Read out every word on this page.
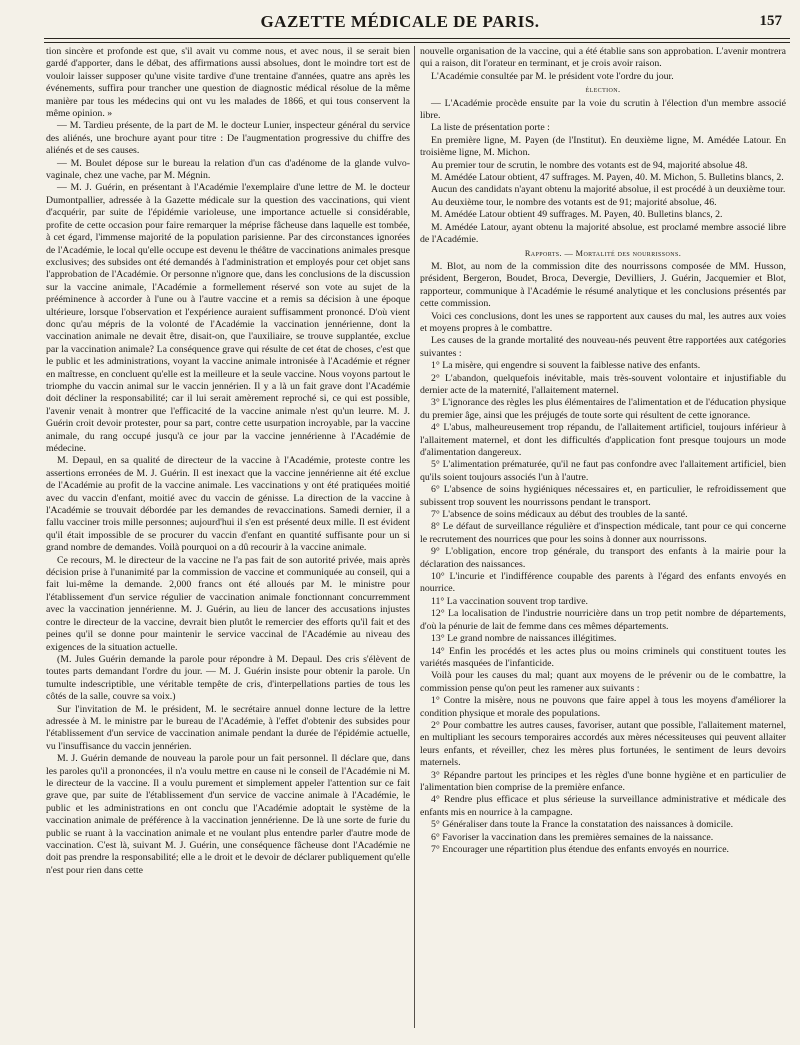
GAZETTE MÉDICALE DE PARIS.	157

tion sincère et profonde est que, s'il avait vu comme nous, et avec nous, il se serait bien gardé d'apporter, dans le débat, des affirmations aussi absolues, dont le moindre tort est de vouloir laisser supposer qu'une visite tardive d'une trentaine d'années, quatre ans après les événements, suffira pour trancher une question de diagnostic médical résolue de la même manière par tous les médecins qui ont vu les malades de 1866, et qui tous conservent la même opinion. »

— M. Tardieu présente, de la part de M. le docteur Lunier, inspecteur général du service des aliénés, une brochure ayant pour titre : De l'augmentation progressive du chiffre des aliénés et de ses causes.

— M. Boulet dépose sur le bureau la relation d'un cas d'adénome de la glande vulvo-vaginale, chez une vache, par M. Mégnin.

— M. J. Guérin, en présentant à l'Académie l'exemplaire d'une lettre de M. le docteur Dumontpallier, adressée à la Gazette médicale sur la question des vaccinations, qui vient d'acquérir, par suite de l'épidémie varioleuse, une importance actuelle si considérable, profite de cette occasion pour faire remarquer la méprise fâcheuse dans laquelle est tombée, à cet égard, l'immense majorité de la population parisienne. Par des circonstances ignorées de l'Académie, le local qu'elle occupe est devenu le théâtre de vaccinations animales presque exclusives; des subsides ont été demandés à l'administration et employés pour cet objet sans l'approbation de l'Académie. Or personne n'ignore que, dans les conclusions de la discussion sur la vaccine animale, l'Académie a formellement réservé son vote au sujet de la prééminence à accorder à l'une ou à l'autre vaccine et a remis sa décision à une époque ultérieure, lorsque l'observation et l'expérience auraient suffisamment prononcé. D'où vient donc qu'au mépris de la volonté de l'Académie la vaccination jennérienne, dont la vaccination animale ne devait être, disait-on, que l'auxiliaire, se trouve supplantée, exclue par la vaccination animale? La conséquence grave qui résulte de cet état de choses, c'est que le public et les administrations, voyant la vaccine animale intronisée à l'Académie et régner en maîtresse, en concluent qu'elle est la meilleure et la seule vaccine. Nous voyons partout le triomphe du vaccin animal sur le vaccin jennérien. Il y a là un fait grave dont l'Académie doit décliner la responsabilité; car il lui serait amèrement reproché si, ce qui est possible, l'avenir venait à montrer que l'efficacité de la vaccine animale n'est qu'un leurre. M. J. Guérin croit devoir protester, pour sa part, contre cette usurpation incroyable, par la vaccine animale, du rang occupé jusqu'à ce jour par la vaccine jennérienne à l'Académie de médecine.

M. Depaul, en sa qualité de directeur de la vaccine à l'Académie, proteste contre les assertions erronées de M. J. Guérin. Il est inexact que la vaccine jennérienne ait été exclue de l'Académie au profit de la vaccine animale. Les vaccinations y ont été pratiquées moitié avec du vaccin d'enfant, moitié avec du vaccin de génisse. La direction de la vaccine à l'Académie se trouvait débordée par les demandes de revaccinations. Samedi dernier, il a fallu vacciner trois mille personnes; aujourd'hui il s'en est présenté deux mille. Il est évident qu'il était impossible de se procurer du vaccin d'enfant en quantité suffisante pour un si grand nombre de demandes. Voilà pourquoi on a dû recourir à la vaccine animale.

Ce recours, M. le directeur de la vaccine ne l'a pas fait de son autorité privée, mais après décision prise à l'unanimité par la commission de vaccine et communiquée au conseil, qui a fait lui-même la demande. 2,000 francs ont été alloués par M. le ministre pour l'établissement d'un service régulier de vaccination animale fonctionnant concurremment avec la vaccination jennérienne. M. J. Guérin, au lieu de lancer des accusations injustes contre le directeur de la vaccine, devrait bien plutôt le remercier des efforts qu'il fait et des peines qu'il se donne pour maintenir le service vaccinal de l'Académie au niveau des exigences de la situation actuelle.

(M. Jules Guérin demande la parole pour répondre à M. Depaul. Des cris s'élèvent de toutes parts demandant l'ordre du jour. — M. J. Guérin insiste pour obtenir la parole. Un tumulte indescriptible, une véritable tempête de cris, d'interpellations parties de tous les côtés de la salle, couvre sa voix.)

Sur l'invitation de M. le président, M. le secrétaire annuel donne lecture de la lettre adressée à M. le ministre par le bureau de l'Académie, à l'effet d'obtenir des subsides pour l'établissement d'un service de vaccination animale pendant la durée de l'épidémie actuelle, vu l'insuffisance du vaccin jennérien.

M. J. Guérin demande de nouveau la parole pour un fait personnel. Il déclare que, dans les paroles qu'il a prononcées, il n'a voulu mettre en cause ni le conseil de l'Académie ni M. le directeur de la vaccine. Il a voulu purement et simplement appeler l'attention sur ce fait grave que, par suite de l'établissement d'un service de vaccine animale à l'Académie, le public et les administrations en ont conclu que l'Académie adoptait le système de la vaccination animale de préférence à la vaccination jennérienne. De là une sorte de furie du public se ruant à la vaccination animale et ne voulant plus entendre parler d'autre mode de vaccination. C'est là, suivant M. J. Guérin, une conséquence fâcheuse dont l'Académie ne doit pas prendre la responsabilité; elle a le droit et le devoir de déclarer publiquement qu'elle n'est pour rien dans cette

nouvelle organisation de la vaccine, qui a été établie sans son approbation. L'avenir montrera qui a raison, dit l'orateur en terminant, et je crois avoir raison.

L'Académie consultée par M. le président vote l'ordre du jour.

élection.

— L'Académie procède ensuite par la voie du scrutin à l'élection d'un membre associé libre.

La liste de présentation porte :

En première ligne, M. Payen (de l'Institut). En deuxième ligne, M. Amédée Latour. En troisième ligne, M. Michon.

Au premier tour de scrutin, le nombre des votants est de 94, majorité absolue 48.

M. Amédée Latour obtient, 47 suffrages. M. Payen, 40. M. Michon, 5. Bulletins blancs, 2.

Aucun des candidats n'ayant obtenu la majorité absolue, il est procédé à un deuxième tour.

Au deuxième tour, le nombre des votants est de 91; majorité absolue, 46.

M. Amédée Latour obtient 49 suffrages. M. Payen, 40. Bulletins blancs, 2.

M. Amédée Latour, ayant obtenu la majorité absolue, est proclamé membre associé libre de l'Académie.

Rapports. — Mortalité des nourrissons.

M. Blot, au nom de la commission dite des nourrissons composée de MM. Husson, président, Bergeron, Boudet, Broca, Devergie, Devilliers, J. Guérin, Jacquemier et Blot, rapporteur, communique à l'Académie le résumé analytique et les conclusions présentés par cette commission.

Voici ces conclusions, dont les unes se rapportent aux causes du mal, les autres aux voies et moyens propres à le combattre.

Les causes de la grande mortalité des nouveau-nés peuvent être rapportées aux catégories suivantes :

1° La misère, qui engendre si souvent la faiblesse native des enfants.

2° L'abandon, quelquefois inévitable, mais très-souvent volontaire et injustifiable du dernier acte de la maternité, l'allaitement maternel.

3° L'ignorance des règles les plus élémentaires de l'alimentation et de l'éducation physique du premier âge, ainsi que les préjugés de toute sorte qui résultent de cette ignorance.

4° L'abus, malheureusement trop répandu, de l'allaitement artificiel, toujours inférieur à l'allaitement maternel, et dont les difficultés d'application font presque toujours un mode d'alimentation dangereux.

5° L'alimentation prématurée, qu'il ne faut pas confondre avec l'allaitement artificiel, bien qu'ils soient toujours associés l'un à l'autre.

6° L'absence de soins hygiéniques nécessaires et, en particulier, le refroidissement que subissent trop souvent les nourrissons pendant le transport.

7° L'absence de soins médicaux au début des troubles de la santé.

8° Le défaut de surveillance régulière et d'inspection médicale, tant pour ce qui concerne le recrutement des nourrices que pour les soins à donner aux nourrissons.

9° L'obligation, encore trop générale, du transport des enfants à la mairie pour la déclaration des naissances.

10° L'incurie et l'indifférence coupable des parents à l'égard des enfants envoyés en nourrice.

11° La vaccination souvent trop tardive.

12° La localisation de l'industrie nourricière dans un trop petit nombre de départements, d'où la pénurie de lait de femme dans ces mêmes départements.

13° Le grand nombre de naissances illégitimes.

14° Enfin les procédés et les actes plus ou moins criminels qui constituent toutes les variétés masquées de l'infanticide.

Voilà pour les causes du mal; quant aux moyens de le prévenir ou de le combattre, la commission pense qu'on peut les ramener aux suivants :

1° Contre la misère, nous ne pouvons que faire appel à tous les moyens d'améliorer la condition physique et morale des populations.

2° Pour combattre les autres causes, favoriser, autant que possible, l'allaitement maternel, en multipliant les secours temporaires accordés aux mères nécessiteuses qui peuvent allaiter leurs enfants, et réveiller, chez les mères plus fortunées, le sentiment de leurs devoirs maternels.

3° Répandre partout les principes et les règles d'une bonne hygiène et en particulier de l'alimentation bien comprise de la première enfance.

4° Rendre plus efficace et plus sérieuse la surveillance administrative et médicale des enfants mis en nourrice à la campagne.

5° Généraliser dans toute la France la constatation des naissances à domicile.

6° Favoriser la vaccination dans les premières semaines de la naissance.

7° Encourager une répartition plus étendue des enfants envoyés en nourrice.
